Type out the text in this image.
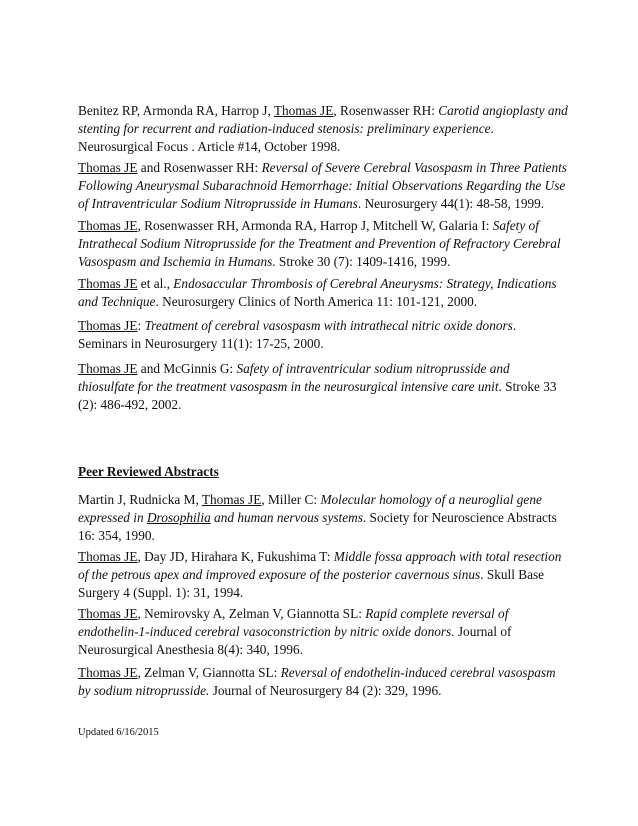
Benitez RP, Armonda RA, Harrop J, Thomas JE, Rosenwasser RH: Carotid angioplasty and stenting for recurrent and radiation-induced stenosis: preliminary experience. Neurosurgical Focus . Article #14, October 1998.

Thomas JE and Rosenwasser RH: Reversal of Severe Cerebral Vasospasm in Three Patients Following Aneurysmal Subarachnoid Hemorrhage: Initial Observations Regarding the Use of Intraventricular Sodium Nitroprusside in Humans. Neurosurgery 44(1): 48-58, 1999.

Thomas JE, Rosenwasser RH, Armonda RA, Harrop J, Mitchell W, Galaria I: Safety of Intrathecal Sodium Nitroprusside for the Treatment and Prevention of Refractory Cerebral Vasospasm and Ischemia in Humans. Stroke 30 (7): 1409-1416, 1999.

Thomas JE et al., Endosaccular Thrombosis of Cerebral Aneurysms: Strategy, Indications and Technique. Neurosurgery Clinics of North America 11: 101-121, 2000.

Thomas JE: Treatment of cerebral vasospasm with intrathecal nitric oxide donors. Seminars in Neurosurgery 11(1): 17-25, 2000.

Thomas JE and McGinnis G: Safety of intraventricular sodium nitroprusside and thiosulfate for the treatment vasospasm in the neurosurgical intensive care unit. Stroke 33 (2): 486-492, 2002.

Peer Reviewed Abstracts

Martin J, Rudnicka M, Thomas JE, Miller C: Molecular homology of a neuroglial gene expressed in Drosophilia and human nervous systems. Society for Neuroscience Abstracts 16: 354, 1990.

Thomas JE, Day JD, Hirahara K, Fukushima T: Middle fossa approach with total resection of the petrous apex and improved exposure of the posterior cavernous sinus. Skull Base Surgery 4 (Suppl. 1): 31, 1994.

Thomas JE, Nemirovsky A, Zelman V, Giannotta SL: Rapid complete reversal of endothelin-1-induced cerebral vasoconstriction by nitric oxide donors. Journal of Neurosurgical Anesthesia 8(4): 340, 1996.

Thomas JE, Zelman V, Giannotta SL: Reversal of endothelin-induced cerebral vasospasm by sodium nitroprusside. Journal of Neurosurgery 84 (2): 329, 1996.

Updated 6/16/2015
